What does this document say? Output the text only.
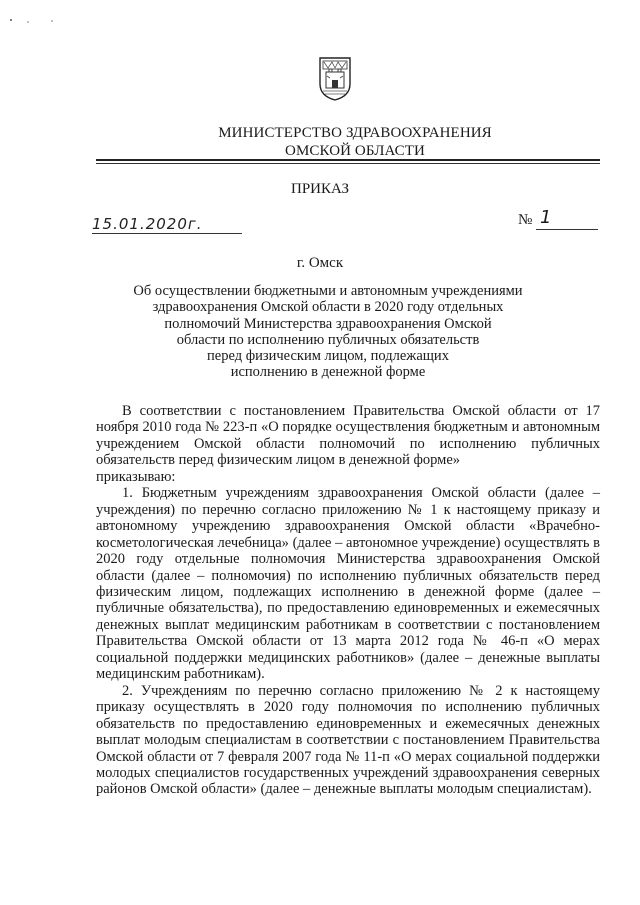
МИНИСТЕРСТВО ЗДРАВООХРАНЕНИЯ
ОМСКОЙ ОБЛАСТИ
ПРИКАЗ
15.01.2020г.	№ 1
г. Омск
Об осуществлении бюджетными и автономным учреждениями
здравоохранения Омской области в 2020 году отдельных
полномочий Министерства здравоохранения Омской
области по исполнению публичных обязательств
перед физическим лицом, подлежащих
исполнению в денежной форме

В соответствии с постановлением Правительства Омской области от 17 ноября 2010 года № 223-п «О порядке осуществления бюджетным и автономным учреждением Омской области полномочий по исполнению публичных обязательств перед физическим лицом в денежной форме»

приказываю:

1. Бюджетным учреждениям здравоохранения Омской области (далее – учреждения) по перечню согласно приложению № 1 к настоящему приказу и автономному учреждению здравоохранения Омской области «Врачебно-косметологическая лечебница» (далее – автономное учреждение) осуществлять в 2020 году отдельные полномочия Министерства здравоохранения Омской области (далее – полномочия) по исполнению публичных обязательств перед физическим лицом, подлежащих исполнению в денежной форме (далее – публичные обязательства), по предоставлению единовременных и ежемесячных денежных выплат медицинским работникам в соответствии с постановлением Правительства Омской области от 13 марта 2012 года № 46-п «О мерах социальной поддержки медицинских работников» (далее – денежные выплаты медицинским работникам).

2. Учреждениям по перечню согласно приложению № 2 к настоящему приказу осуществлять в 2020 году полномочия по исполнению публичных обязательств по предоставлению единовременных и ежемесячных денежных выплат молодым специалистам в соответствии с постановлением Правительства Омской области от 7 февраля 2007 года № 11-п «О мерах социальной поддержки молодых специалистов государственных учреждений здравоохранения северных районов Омской области» (далее – денежные выплаты молодым специалистам).
